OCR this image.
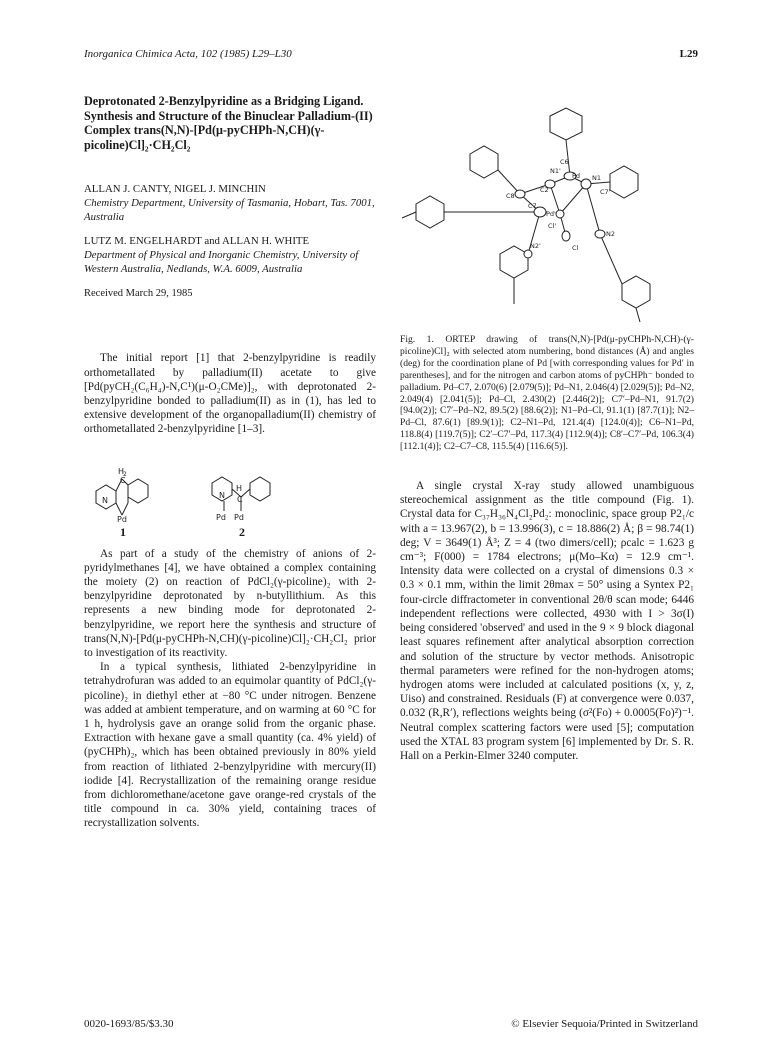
Inorganica Chimica Acta, 102 (1985) L29–L30	L29
Deprotonated 2-Benzylpyridine as a Bridging Ligand. Synthesis and Structure of the Binuclear Palladium-(II) Complex trans(N,N)-[Pd(μ-pyCHPh-N,CH)(γ-picoline)Cl]₂·CH₂Cl₂
ALLAN J. CANTY, NIGEL J. MINCHIN
Chemistry Department, University of Tasmania, Hobart, Tas. 7001, Australia
LUTZ M. ENGELHARDT and ALLAN H. WHITE
Department of Physical and Inorganic Chemistry, University of Western Australia, Nedlands, W.A. 6009, Australia
Received March 29, 1985

The initial report [1] that 2-benzylpyridine is readily orthometallated by palladium(II) acetate to give [Pd(pyCH₂(C₆H₄)-N,C¹)(μ-O₂CMe)]₂, with deprotonated 2-benzylpyridine bonded to palladium(II) as in (1), has led to extensive development of the organopalladium(II) chemistry of orthometallated 2-benzylpyridine [1–3].

H
2
C
N
Pd
H
C
N
Pd Pd
1	2

As part of a study of the chemistry of anions of 2-pyridylmethanes [4], we have obtained a complex containing the moiety (2) on reaction of PdCl₂(γ-picoline)₂ with 2-benzylpyridine deprotonated by n-butyllithium. As this represents a new binding mode for deprotonated 2-benzylpyridine, we report here the synthesis and structure of trans(N,N)-[Pd(μ-pyCHPh-N,CH)(γ-picoline)Cl]₂·CH₂Cl₂ prior to investigation of its reactivity.

In a typical synthesis, lithiated 2-benzylpyridine in tetrahydrofuran was added to an equimolar quantity of PdCl₂(γ-picoline)₂ in diethyl ether at −80 °C under nitrogen. Benzene was added at ambient temperature, and on warming at 60 °C for 1 h, hydrolysis gave an orange solid from the organic phase. Extraction with hexane gave a small quantity (ca. 4% yield) of (pyCHPh)₂, which has been obtained previously in 80% yield from reaction of lithiated 2-benzylpyridine with mercury(II) iodide [4]. Recrystallization of the remaining orange residue from dichloromethane/acetone gave orange-red crystals of the title compound in ca. 30% yield, containing traces of recrystallization solvents.

C6
N1'
Pd
C2
N1
C7'
C8
C7
Pd'
Cl'
N2
N2'	Cl

Fig. 1. ORTEP drawing of trans(N,N)-[Pd(μ-pyCHPh-N,CH)-(γ-picoline)Cl]₂ with selected atom numbering, bond distances (Å) and angles (deg) for the coordination plane of Pd [with corresponding values for Pd′ in parentheses], and for the nitrogen and carbon atoms of pyCHPh⁻ bonded to palladium. Pd–C7, 2.070(6) [2.079(5)]; Pd–N1, 2.046(4) [2.029(5)]; Pd–N2, 2.049(4) [2.041(5)]; Pd–Cl, 2.430(2) [2.446(2)]; C7′–Pd–N1, 91.7(2) [94.0(2)]; C7′–Pd–N2, 89.5(2) [88.6(2)]; N1–Pd–Cl, 91.1(1) [87.7(1)]; N2–Pd–Cl, 87.6(1) [89.9(1)]; C2–N1–Pd, 121.4(4) [124.0(4)]; C6–N1–Pd, 118.8(4) [119.7(5)]; C2′–C7′–Pd, 117.3(4) [112.9(4)]; C8′–C7′–Pd, 106.3(4) [112.1(4)]; C2–C7–C8, 115.5(4) [116.6(5)].

A single crystal X-ray study allowed unambiguous stereochemical assignment as the title compound (Fig. 1). Crystal data for C₃₇H₃₆N₄Cl₂Pd₂: monoclinic, space group P2₁/c with a = 13.967(2), b = 13.996(3), c = 18.886(2) Å; β = 98.74(1) deg; V = 3649(1) Å³; Z = 4 (two dimers/cell); ρcalc = 1.623 g cm⁻³; F(000) = 1784 electrons; μ(Mo–Kα) = 12.9 cm⁻¹. Intensity data were collected on a crystal of dimensions 0.3 × 0.3 × 0.1 mm, within the limit 2θmax = 50° using a Syntex P2₁ four-circle diffractometer in conventional 2θ/θ scan mode; 6446 independent reflections were collected, 4930 with I > 3σ(I) being considered 'observed' and used in the 9 × 9 block diagonal least squares refinement after analytical absorption correction and solution of the structure by vector methods. Anisotropic thermal parameters were refined for the non-hydrogen atoms; hydrogen atoms were included at calculated positions (x, y, z, Uiso) and constrained. Residuals (F) at convergence were 0.037, 0.032 (R,R′), reflections weights being (σ²(Fo) + 0.0005(Fo)²)⁻¹. Neutral complex scattering factors were used [5]; computation used the XTAL 83 program system [6] implemented by Dr. S. R. Hall on a Perkin-Elmer 3240 computer.

0020-1693/85/$3.30	© Elsevier Sequoia/Printed in Switzerland
